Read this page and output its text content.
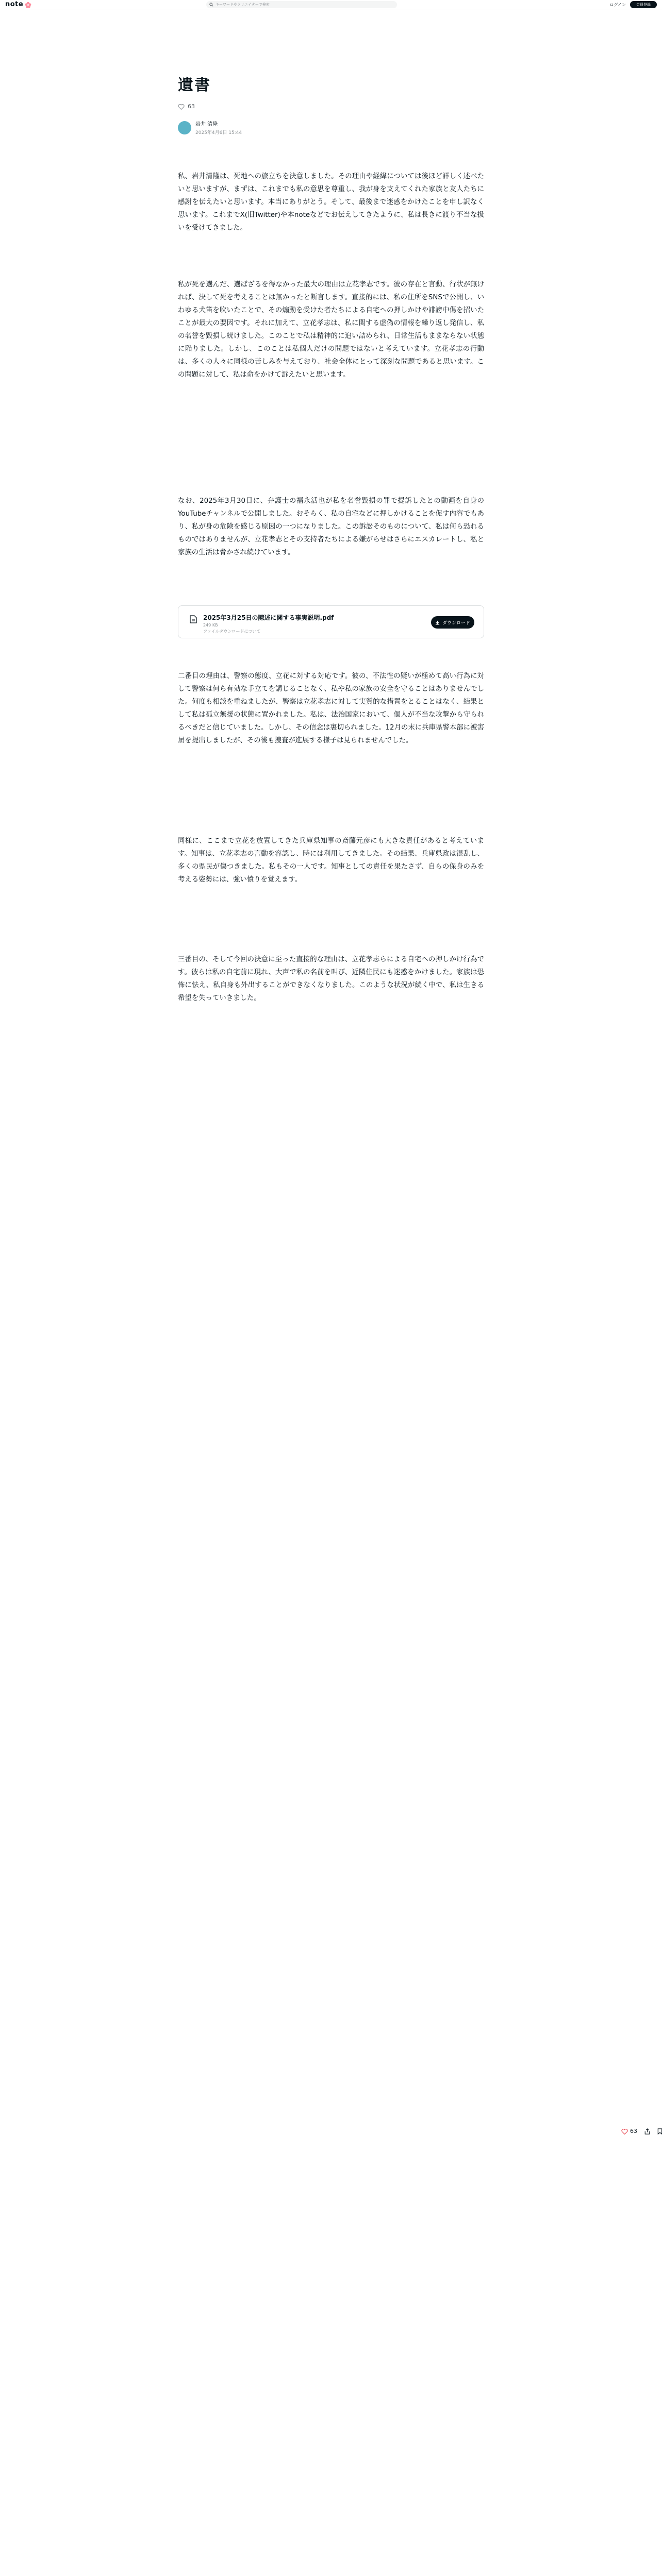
note	キーワードやクリエイターで検索	ログイン	会員登録
遺書
63
岩井 清隆
2025年4月6日 15:44

私、岩井清隆は、死地への旅立ちを決意しました。その理由や経緯については後ほど詳しく述べたいと思いますが、まずは、これまでも私の意思を尊重し、我が身を支えてくれた家族と友人たちに感謝を伝えたいと思います。本当にありがとう。そして、最後まで迷惑をかけたことを申し訳なく思います。これまでX(旧Twitter)や本noteなどでお伝えしてきたように、私は長きに渡り不当な扱いを受けてきました。

私が死を選んだ、選ばざるを得なかった最大の理由は立花孝志です。彼の存在と言動、行状が無ければ、決して死を考えることは無かったと断言します。直接的には、私の住所をSNSで公開し、いわゆる犬笛を吹いたことで、その煽動を受けた者たちによる自宅への押しかけや誹謗中傷を招いたことが最大の要因です。それに加えて、立花孝志は、私に関する虚偽の情報を繰り返し発信し、私の名誉を毀損し続けました。このことで私は精神的に追い詰められ、日常生活もままならない状態に陥りました。しかし、このことは私個人だけの問題ではないと考えています。立花孝志の行動は、多くの人々に同様の苦しみを与えており、社会全体にとって深刻な問題であると思います。この問題に対して、私は命をかけて訴えたいと思います。

なお、2025年3月30日に、弁護士の福永活也が私を名誉毀損の罪で提訴したとの動画を自身のYouTubeチャンネルで公開しました。おそらく、私の自宅などに押しかけることを促す内容でもあり、私が身の危険を感じる原因の一つになりました。この訴訟そのものについて、私は何ら恐れるものではありませんが、立花孝志とその支持者たちによる嫌がらせはさらにエスカレートし、私と家族の生活は脅かされ続けています。

2025年3月25日の陳述に関する事実説明.pdf
249 KB
ファイルダウンロードについて
ダウンロード

二番目の理由は、警察の態度、立花に対する対応です。彼の、不法性の疑いが極めて高い行為に対して警察は何ら有効な手立てを講じることなく、私や私の家族の安全を守ることはありませんでした。何度も相談を重ねましたが、警察は立花孝志に対して実質的な措置をとることはなく、結果として私は孤立無援の状態に置かれました。私は、法治国家において、個人が不当な攻撃から守られるべきだと信じていました。しかし、その信念は裏切られました。12月の末に兵庫県警本部に被害届を提出しましたが、その後も捜査が進展する様子は見られませんでした。

同様に、ここまで立花を放置してきた兵庫県知事の斎藤元彦にも大きな責任があると考えています。知事は、立花孝志の言動を容認し、時には利用してきました。その結果、兵庫県政は混乱し、多くの県民が傷つきました。私もその一人です。知事としての責任を果たさず、自らの保身のみを考える姿勢には、強い憤りを覚えます。

三番目の、そして今回の決意に至った直接的な理由は、立花孝志らによる自宅への押しかけ行為です。彼らは私の自宅前に現れ、大声で私の名前を叫び、近隣住民にも迷惑をかけました。家族は恐怖に怯え、私自身も外出することができなくなりました。このような状況が続く中で、私は生きる希望を失っていきました。

63
